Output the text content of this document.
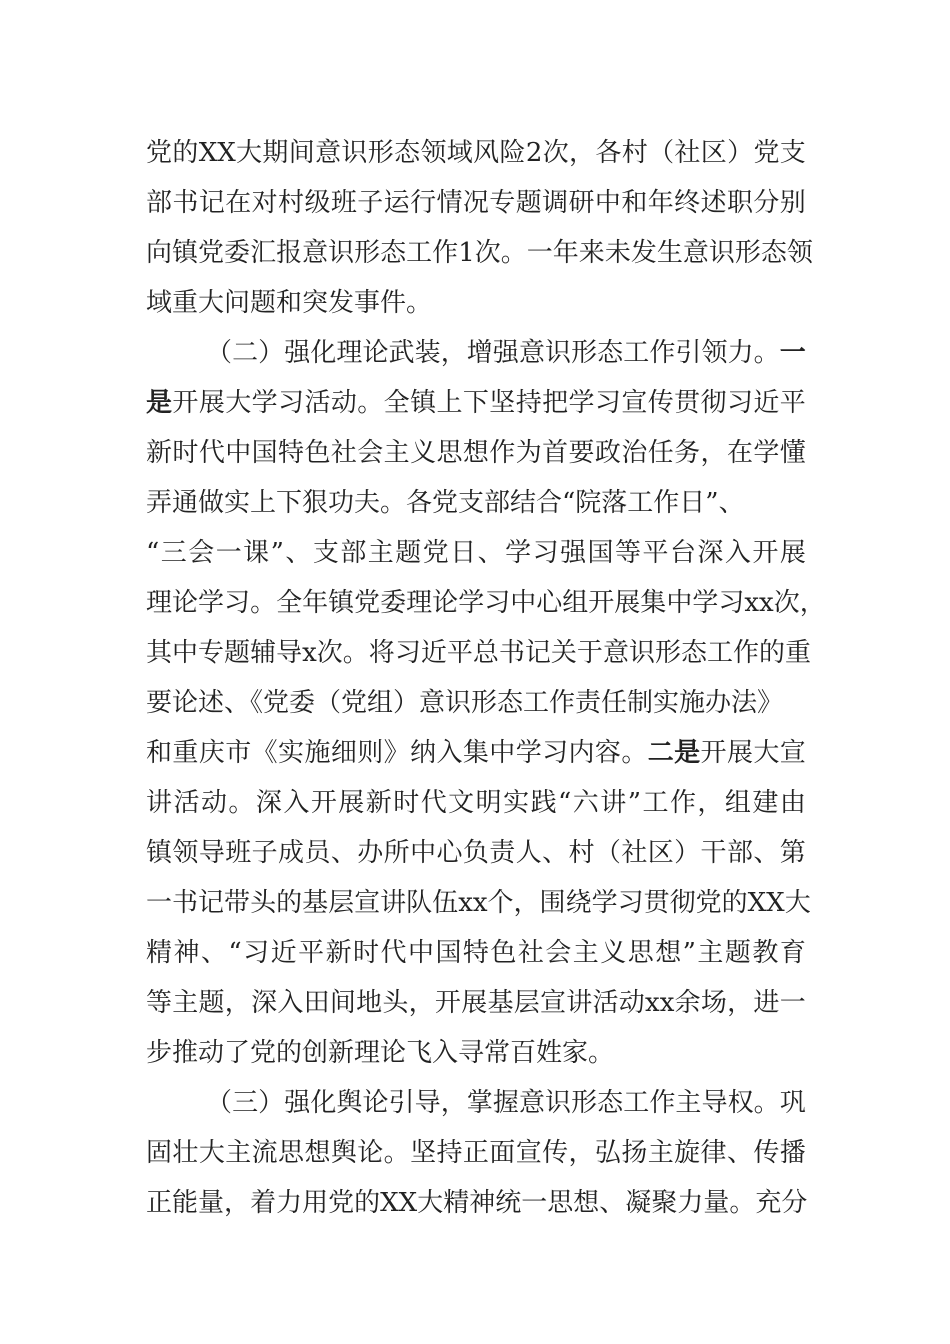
党 的 XX 大 期 间 意 识 形 态 领 域 风 险 2 次 ， 各 村 （ 社 区 ） 党 支
部 书 记 在 对 村 级 班 子 运 行 情 况 专 题 调 研 中 和 年 终 述 职 分 别
向 镇 党 委 汇 报 意 识 形 态 工 作 1 次 。 一 年 来 未 发 生 意 识 形 态 领
域重大问题和突发事件。
（ 二 ） 强 化 理 论 武 装 ， 增 强 意 识 形 态 工 作 引 领 力 。 一
是 开 展 大 学 习 活 动 。 全 镇 上 下 坚 持 把 学 习 宣 传 贯 彻 习 近 平
新 时 代 中 国 特 色 社 会 主 义 思 想 作 为 首 要 政 治 任 务 ， 在 学 懂
弄通做实上下狠功夫。各党支部结合“院落工作日”、
“ 三 会 一 课 ” 、 支 部 主 题 党 日 、 学 习 强 国 等 平 台 深 入 开 展
理 论 学 习 。 全 年 镇 党 委 理 论 学 习 中 心 组 开 展 集 中 学 习 xx 次 ，
其 中 专 题 辅 导 x 次 。 将 习 近 平 总 书 记 关 于 意 识 形 态 工 作 的 重
要论述、《党委（党组）意识形态工作责任制实施办法》
和 重 庆 市 《 实 施 细 则 》 纳 入 集 中 学 习 内 容 。 二 是 开 展 大 宣
讲 活 动 。 深 入 开 展 新 时 代 文 明 实 践 “ 六 讲 ” 工 作 ， 组 建 由
镇 领 导 班 子 成 员 、 办 所 中 心 负 责 人 、 村 （ 社 区 ） 干 部 、 第
一 书 记 带 头 的 基 层 宣 讲 队 伍 xx 个 ， 围 绕 学 习 贯 彻 党 的 XX 大
精 神 、 “ 习 近 平 新 时 代 中 国 特 色 社 会 主 义 思 想 ” 主 题 教 育
等 主 题 ， 深 入 田 间 地 头 ， 开 展 基 层 宣 讲 活 动 xx 余 场 ， 进 一
步推动了党的创新理论飞入寻常百姓家。
（ 三 ） 强 化 舆 论 引 导 ， 掌 握 意 识 形 态 工 作 主 导 权 。 巩
固 壮 大 主 流 思 想 舆 论 。 坚 持 正 面 宣 传 ， 弘 扬 主 旋 律 、 传 播
正 能 量 ， 着 力 用 党 的 XX 大 精 神 统 一 思 想 、 凝 聚 力 量 。 充 分
